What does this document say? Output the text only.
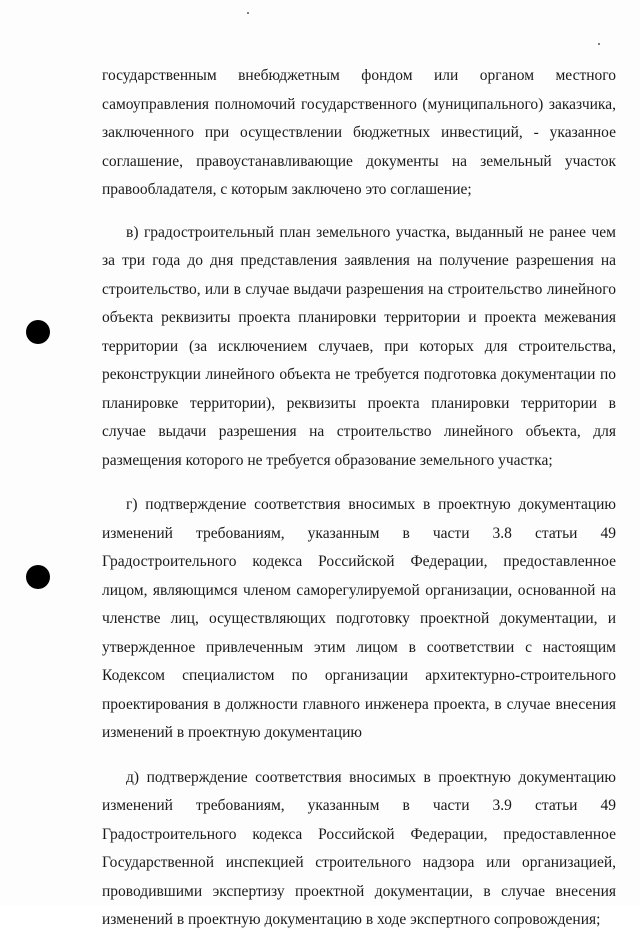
государственным внебюджетным фондом или органом местного самоуправления полномочий государственного (муниципального) заказчика, заключенного при осуществлении бюджетных инвестиций, - указанное соглашение, правоустанавливающие документы на земельный участок правообладателя, с которым заключено это соглашение;

в) градостроительный план земельного участка, выданный не ранее чем за три года до дня представления заявления на получение разрешения на строительство, или в случае выдачи разрешения на строительство линейного объекта реквизиты проекта планировки территории и проекта межевания территории (за исключением случаев, при которых для строительства, реконструкции линейного объекта не требуется подготовка документации по планировке территории), реквизиты проекта планировки территории в случае выдачи разрешения на строительство линейного объекта, для размещения которого не требуется образование земельного участка;

г) подтверждение соответствия вносимых в проектную документацию изменений требованиям, указанным в части 3.8 статьи 49 Градостроительного кодекса Российской Федерации, предоставленное лицом, являющимся членом саморегулируемой организации, основанной на членстве лиц, осуществляющих подготовку проектной документации, и утвержденное привлеченным этим лицом в соответствии с настоящим Кодексом специалистом по организации архитектурно-строительного проектирования в должности главного инженера проекта, в случае внесения изменений в проектную документацию

д) подтверждение соответствия вносимых в проектную документацию изменений требованиям, указанным в части 3.9 статьи 49 Градостроительного кодекса Российской Федерации, предоставленное Государственной инспекцией строительного надзора или организацией, проводившими экспертизу проектной документации, в случае внесения изменений в проектную документацию в ходе экспертного сопровождения;
